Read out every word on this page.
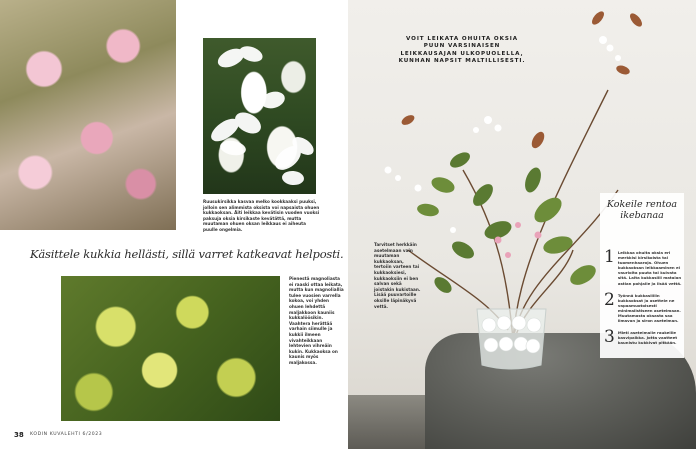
Ruusukirsikka kasvaa melko kookkaaksi puuksi, jolloin sen alimmista oksista voi napsaista ohuen kukkaoksan. Äiti leikkaa kevätisin vuoden vuoksi paksuja oksia kirsikaste kevätättä, mutta muutaman ohuen oksan leikkaus ei aiheuta puulle ongelmia.
Käsittele kukkia hellästi, sillä varret katkeavat helposti.
Pienestä magnoliasta ei raaski ottaa leikata, mutta kun magnoliallia tulee vuosien varrella kokoa, voi yhden ohuen lehdettä maljakkoon kauniis kukkalöösikin. Vaahtera herättää varhain siimulle ja kukkii ilmeen vivahteikkaan lehtevien vihreäin kukin. Kukkaoksa on kaunis myös maljakossa.
38 KODIN KUVALEHTI 6/2023
VOIT LEIKATA OHUITA OKSIA PUUN VARSINAISEN LEIKKAUSAJAN ULKOPUOLELLA, KUNHAN NAPSIT MALTILLISESTI.
Tarvitset herkkäin asetelmaan vain muutaman kukkaoksan, tertoiin varteen tai kukkaoksiesi, kukkaoksiin ei ben salvan sekä joistakin kukistaan. Lisää puuvartoille oksille läpinäkyvä vettä.
Kokeile rentoa ikebanaa
1 Leikkaa ohuita oksia eri merkkisi kirsikoista tai tuomenhaaroja. Ohuen kukkaoksan leikkaaminen ei vaurioita puuta tai kuivata sitä. Laita kukkasiili matalan astian pohjalle ja lisää vettä.
2 Työnnä kukkasiiliin kukkaoksat ja asettele ne vapaamuotoisesti minimalistiseen asetelmaan. Muutamasta oksasta saa ilmavan ja siron asetelman.
3 Mieti asetelmalle raukeille kasvipaikka. Jotta vaatteet kaunistu kukkivat pitkään.
